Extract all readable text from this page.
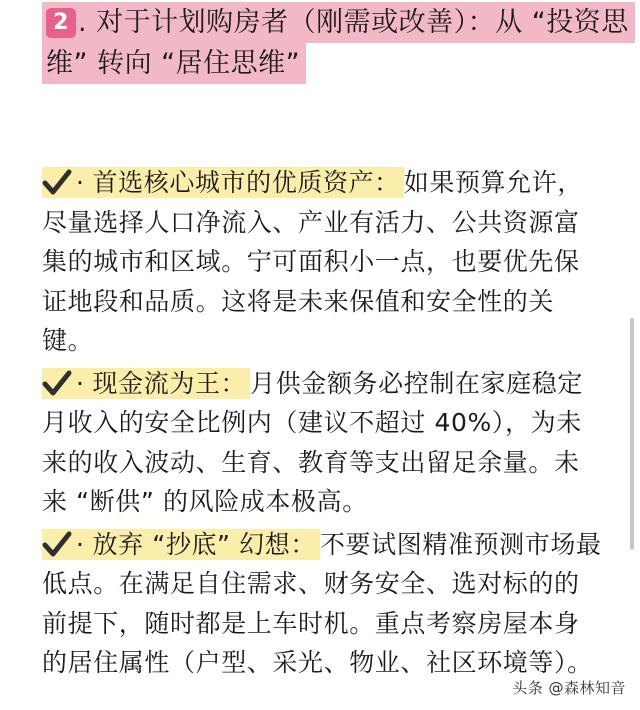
2 . 对于计划购房者（刚需或改善）：从 “投资思
维” 转向 “居住思维”
· 首选核心城市的优质资产： 如果预算允许，尽量选择人口净流入、产业有活力、公共资源富集的城市和区域。宁可面积小一点，也要优先保证地段和品质。这将是未来保值和安全性的关键。
· 现金流为王： 月供金额务必控制在家庭稳定月收入的安全比例内（建议不超过 40%），为未来的收入波动、生育、教育等支出留足余量。未来 “断供” 的风险成本极高。
· 放弃 “抄底” 幻想： 不要试图精准预测市场最低点。在满足自住需求、财务安全、选对标的的前提下，随时都是上车时机。重点考察房屋本身的居住属性（户型、采光、物业、社区环境等）。
头条 @森林知音
